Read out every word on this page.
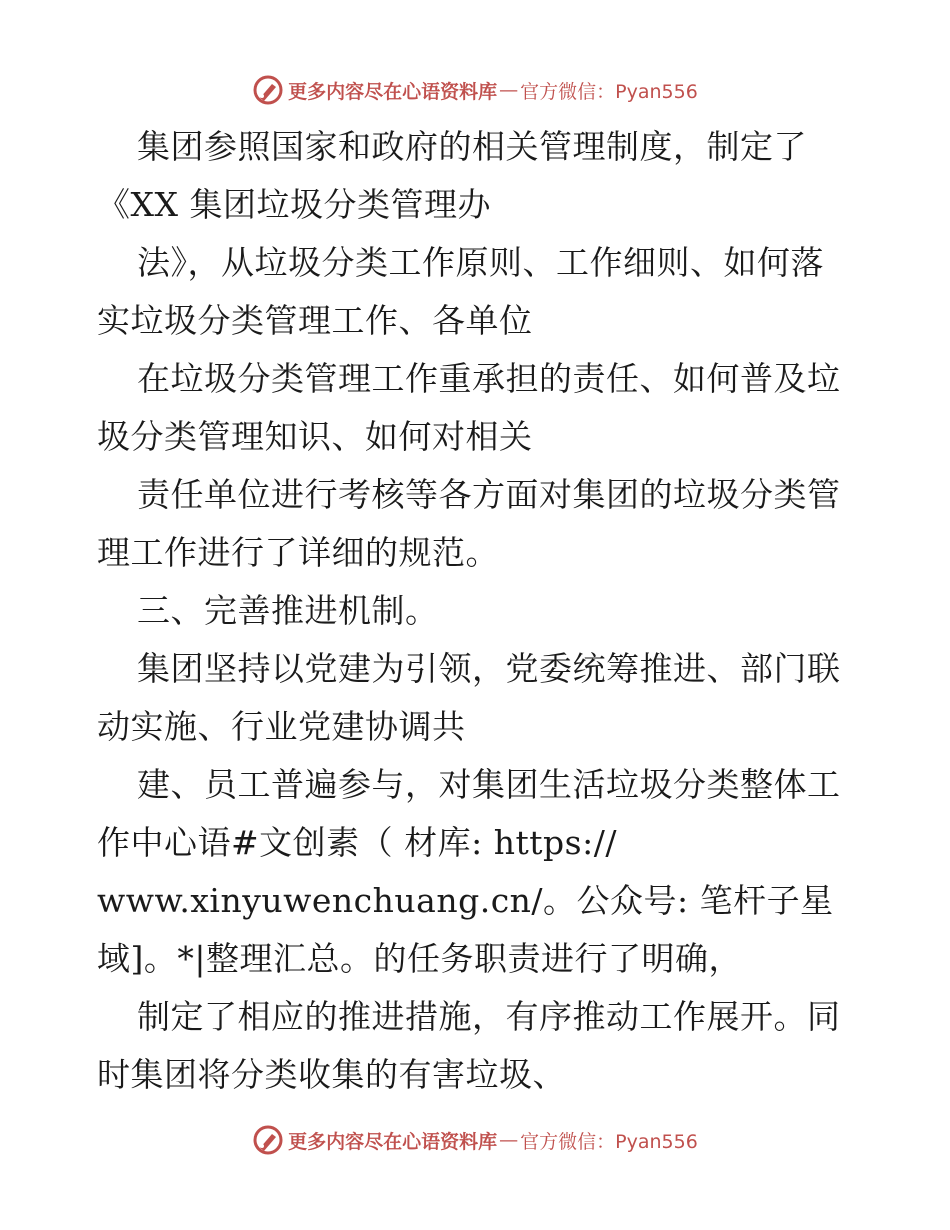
更多内容尽在心语资料库 — 官方微信：Pyan556
集团参照国家和政府的相关管理制度，制定了
《XX 集团垃圾分类管理办
法》，从垃圾分类工作原则、工作细则、如何落
实垃圾分类管理工作、各单位
在垃圾分类管理工作重承担的责任、如何普及垃
圾分类管理知识、如何对相关
责任单位进行考核等各方面对集团的垃圾分类管
理工作进行了详细的规范。
三、完善推进机制。
集团坚持以党建为引领，党委统筹推进、部门联
动实施、行业党建协调共
建、员工普遍参与，对集团生活垃圾分类整体工
作中心语#文创素（ 材库: https://
www.xinyuwenchuang.cn/。公众号: 笔杆子星
域]。*|整理汇总。的任务职责进行了明确，
制定了相应的推进措施，有序推动工作展开。同
时集团将分类收集的有害垃圾、
更多内容尽在心语资料库 — 官方微信：Pyan556
